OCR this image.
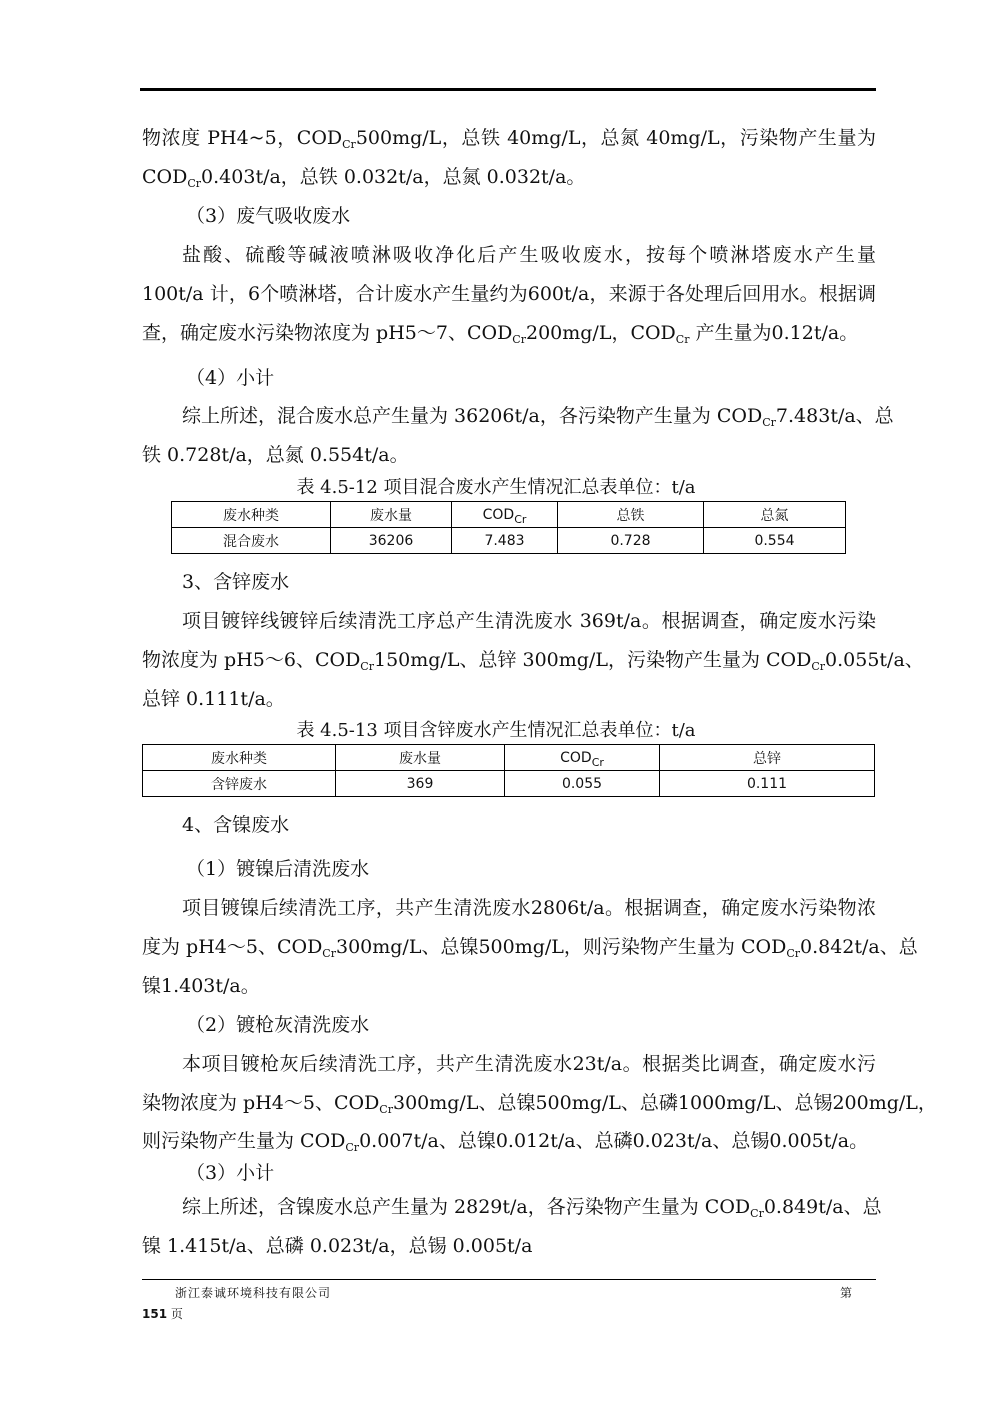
物浓度 PH4~5，$COD_{Cr}500mg/L$，总铁 40mg/L，总氮 40mg/L，污染物产生量为
$COD_{Cr}0.403t/a$，总铁 0.032t/a，总氮 0.032t/a。
（3）废气吸收废水
盐酸、硫酸等碱液喷淋吸收净化后产生吸收废水，按每个喷淋塔废水产生量
100t/a 计，6个喷淋塔，合计废水产生量约为600t/a，来源于各处理后回用水。根据调
查，确定废水污染物浓度为 pH5～7、$COD_{Cr}200mg/L$，$COD_{Cr}$ 产生量为0.12t/a。
（4）小计
综上所述，混合废水总产生量为 36206t/a，各污染物产生量为 $COD_{Cr}7.483t/a$、总
铁 0.728t/a，总氮 0.554t/a。
表 4.5-12 项目混合废水产生情况汇总表单位：t/a
废水种类	废水量	$COD_{Cr}$	总铁	总氮
混合废水	36206	7.483	0.728	0.554
3、含锌废水
项目镀锌线镀锌后续清洗工序总产生清洗废水 369t/a。根据调查，确定废水污染
物浓度为 pH5～6、$COD_{Cr}150mg/L$、总锌 300mg/L，污染物产生量为 $COD_{Cr}0.055t/a$、
总锌 0.111t/a。
表 4.5-13 项目含锌废水产生情况汇总表单位：t/a
废水种类	废水量	$COD_{Cr}$	总锌
含锌废水	369	0.055	0.111
4、含镍废水
（1）镀镍后清洗废水
项目镀镍后续清洗工序，共产生清洗废水2806t/a。根据调查，确定废水污染物浓
度为 pH4～5、$COD_{Cr}300mg/L$、总镍500mg/L，则污染物产生量为 $COD_{Cr}0.842t/a$、总
镍1.403t/a。
（2）镀枪灰清洗废水
本项目镀枪灰后续清洗工序，共产生清洗废水23t/a。根据类比调查，确定废水污
染物浓度为 pH4～5、$COD_{Cr}300mg/L$、总镍500mg/L、总磷1000mg/L、总锡200mg/L，
则污染物产生量为 $COD_{Cr}0.007t/a$、总镍0.012t/a、总磷0.023t/a、总锡0.005t/a。
（3）小计
综上所述，含镍废水总产生量为 2829t/a，各污染物产生量为 $COD_{Cr}0.849t/a$、总
镍 1.415t/a、总磷 0.023t/a，总锡 0.005t/a
浙江泰诚环境科技有限公司	第
151 页
